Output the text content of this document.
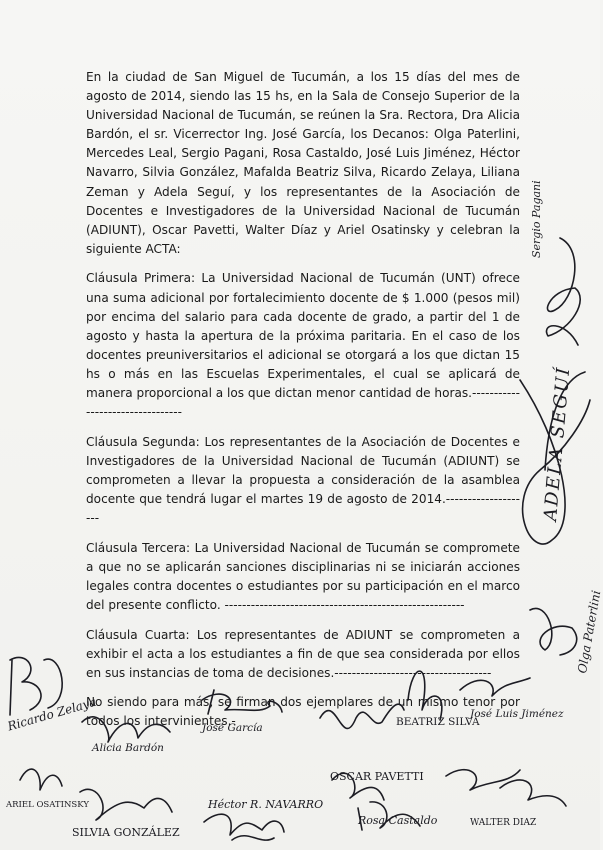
En la ciudad de San Miguel de Tucumán, a los 15 días del mes de agosto de 2014, siendo las 15 hs, en la Sala de Consejo Superior de la Universidad Nacional de Tucumán, se reúnen la Sra. Rectora, Dra Alicia Bardón, el sr. Vicerrector Ing. José García, los Decanos: Olga Paterlini, Mercedes Leal, Sergio Pagani, Rosa Castaldo, José Luis Jiménez, Héctor Navarro, Silvia González, Mafalda Beatriz Silva, Ricardo Zelaya, Liliana Zeman y Adela Seguí, y los representantes de la Asociación de Docentes e Investigadores de la Universidad Nacional de Tucumán (ADIUNT), Oscar Pavetti, Walter Díaz y Ariel Osatinsky y celebran la siguiente ACTA:

Cláusula Primera: La Universidad Nacional de Tucumán (UNT) ofrece una suma adicional por fortalecimiento docente de $ 1.000 (pesos mil) por encima del salario para cada docente de grado, a partir del 1 de agosto y hasta la apertura de la próxima paritaria. En el caso de los docentes preuniversitarios el adicional se otorgará a los que dictan 15 hs o más en las Escuelas Experimentales, el cual se aplicará de manera proporcional a los que dictan menor cantidad de horas.---------------------------------

Cláusula Segunda: Los representantes de la Asociación de Docentes e Investigadores de la Universidad Nacional de Tucumán (ADIUNT) se comprometen a llevar la propuesta a consideración de la asamblea docente que tendrá lugar el martes 19 de agosto de 2014.--------------------

Cláusula Tercera: La Universidad Nacional de Tucumán se compromete a que no se aplicarán sanciones disciplinarias ni se iniciarán acciones legales contra docentes o estudiantes por su participación en el marco del presente conflicto. -------------------------------------------------------

Cláusula Cuarta: Los representantes de ADIUNT se comprometen a exhibir el acta a los estudiantes a fin de que sea considerada por ellos en sus instancias de toma de decisiones.------------------------------------

No siendo para más, se firman dos ejemplares de un mismo tenor por todos los intervinientes.-

Sergio Pagani
ADELA SEGUÍ
Olga Paterlini
Ricardo Zelaya
Alicia Bardón
José García	BEATRIZ SILVA
José Luis Jiménez
ARIEL OSATINSKY	Héctor R. NAVARRO
OSCAR PAVETTI
SILVIA GONZÁLEZ
Rosa Castaldo	WALTER DIAZ
